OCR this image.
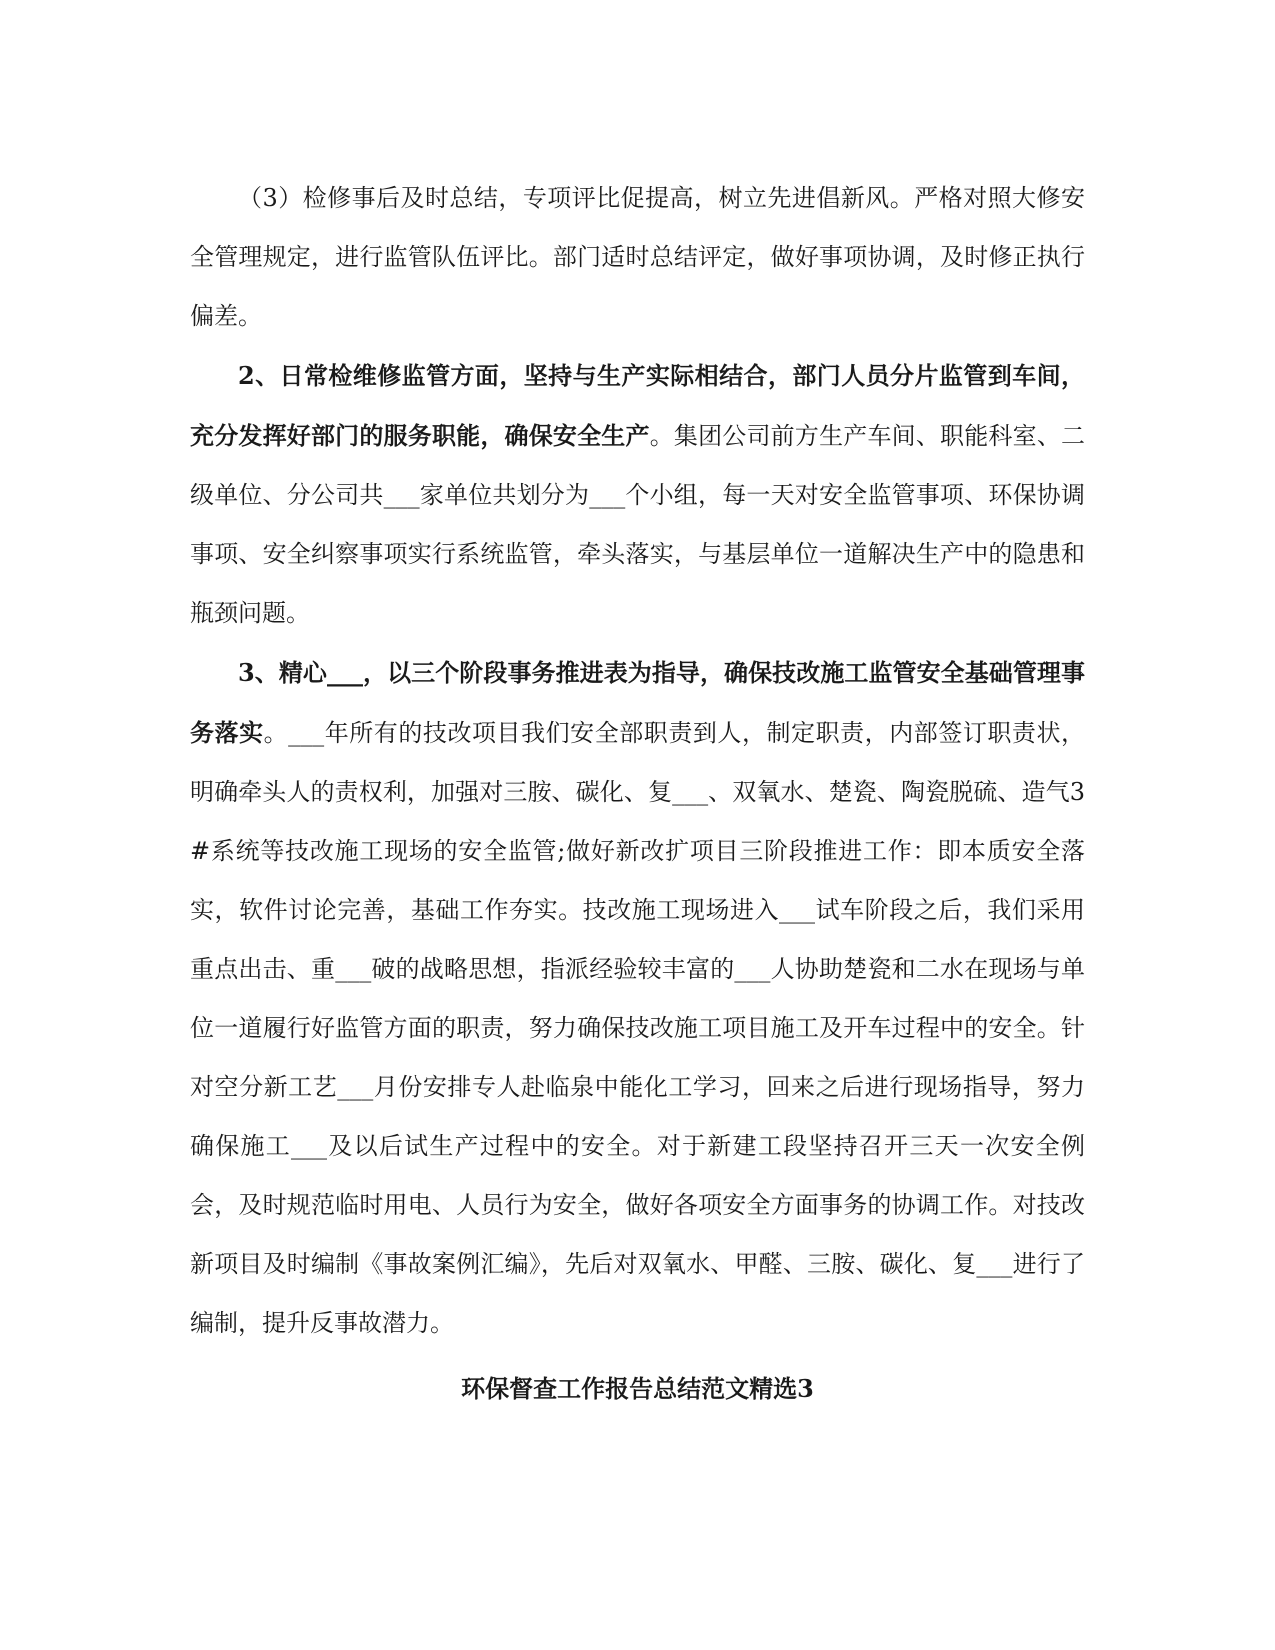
（3）检修事后及时总结，专项评比促提高，树立先进倡新风。严格对照大修安全管理规定，进行监管队伍评比。部门适时总结评定，做好事项协调，及时修正执行偏差。

2、日常检维修监管方面，坚持与生产实际相结合，部门人员分片监管到车间，充分发挥好部门的服务职能，确保安全生产。集团公司前方生产车间、职能科室、二级单位、分公司共___家单位共划分为___个小组，每一天对安全监管事项、环保协调事项、安全纠察事项实行系统监管，牵头落实，与基层单位一道解决生产中的隐患和瓶颈问题。

3、精心___，以三个阶段事务推进表为指导，确保技改施工监管安全基础管理事务落实。___年所有的技改项目我们安全部职责到人，制定职责，内部签订职责状，明确牵头人的责权利，加强对三胺、碳化、复___、双氧水、楚瓷、陶瓷脱硫、造气3#系统等技改施工现场的安全监管;做好新改扩项目三阶段推进工作：即本质安全落实，软件讨论完善，基础工作夯实。技改施工现场进入___试车阶段之后，我们采用重点出击、重___破的战略思想，指派经验较丰富的___人协助楚瓷和二水在现场与单位一道履行好监管方面的职责，努力确保技改施工项目施工及开车过程中的安全。针对空分新工艺___月份安排专人赴临泉中能化工学习，回来之后进行现场指导，努力确保施工___及以后试生产过程中的安全。对于新建工段坚持召开三天一次安全例会，及时规范临时用电、人员行为安全，做好各项安全方面事务的协调工作。对技改新项目及时编制《事故案例汇编》，先后对双氧水、甲醛、三胺、碳化、复___进行了编制，提升反事故潜力。

环保督查工作报告总结范文精选3
